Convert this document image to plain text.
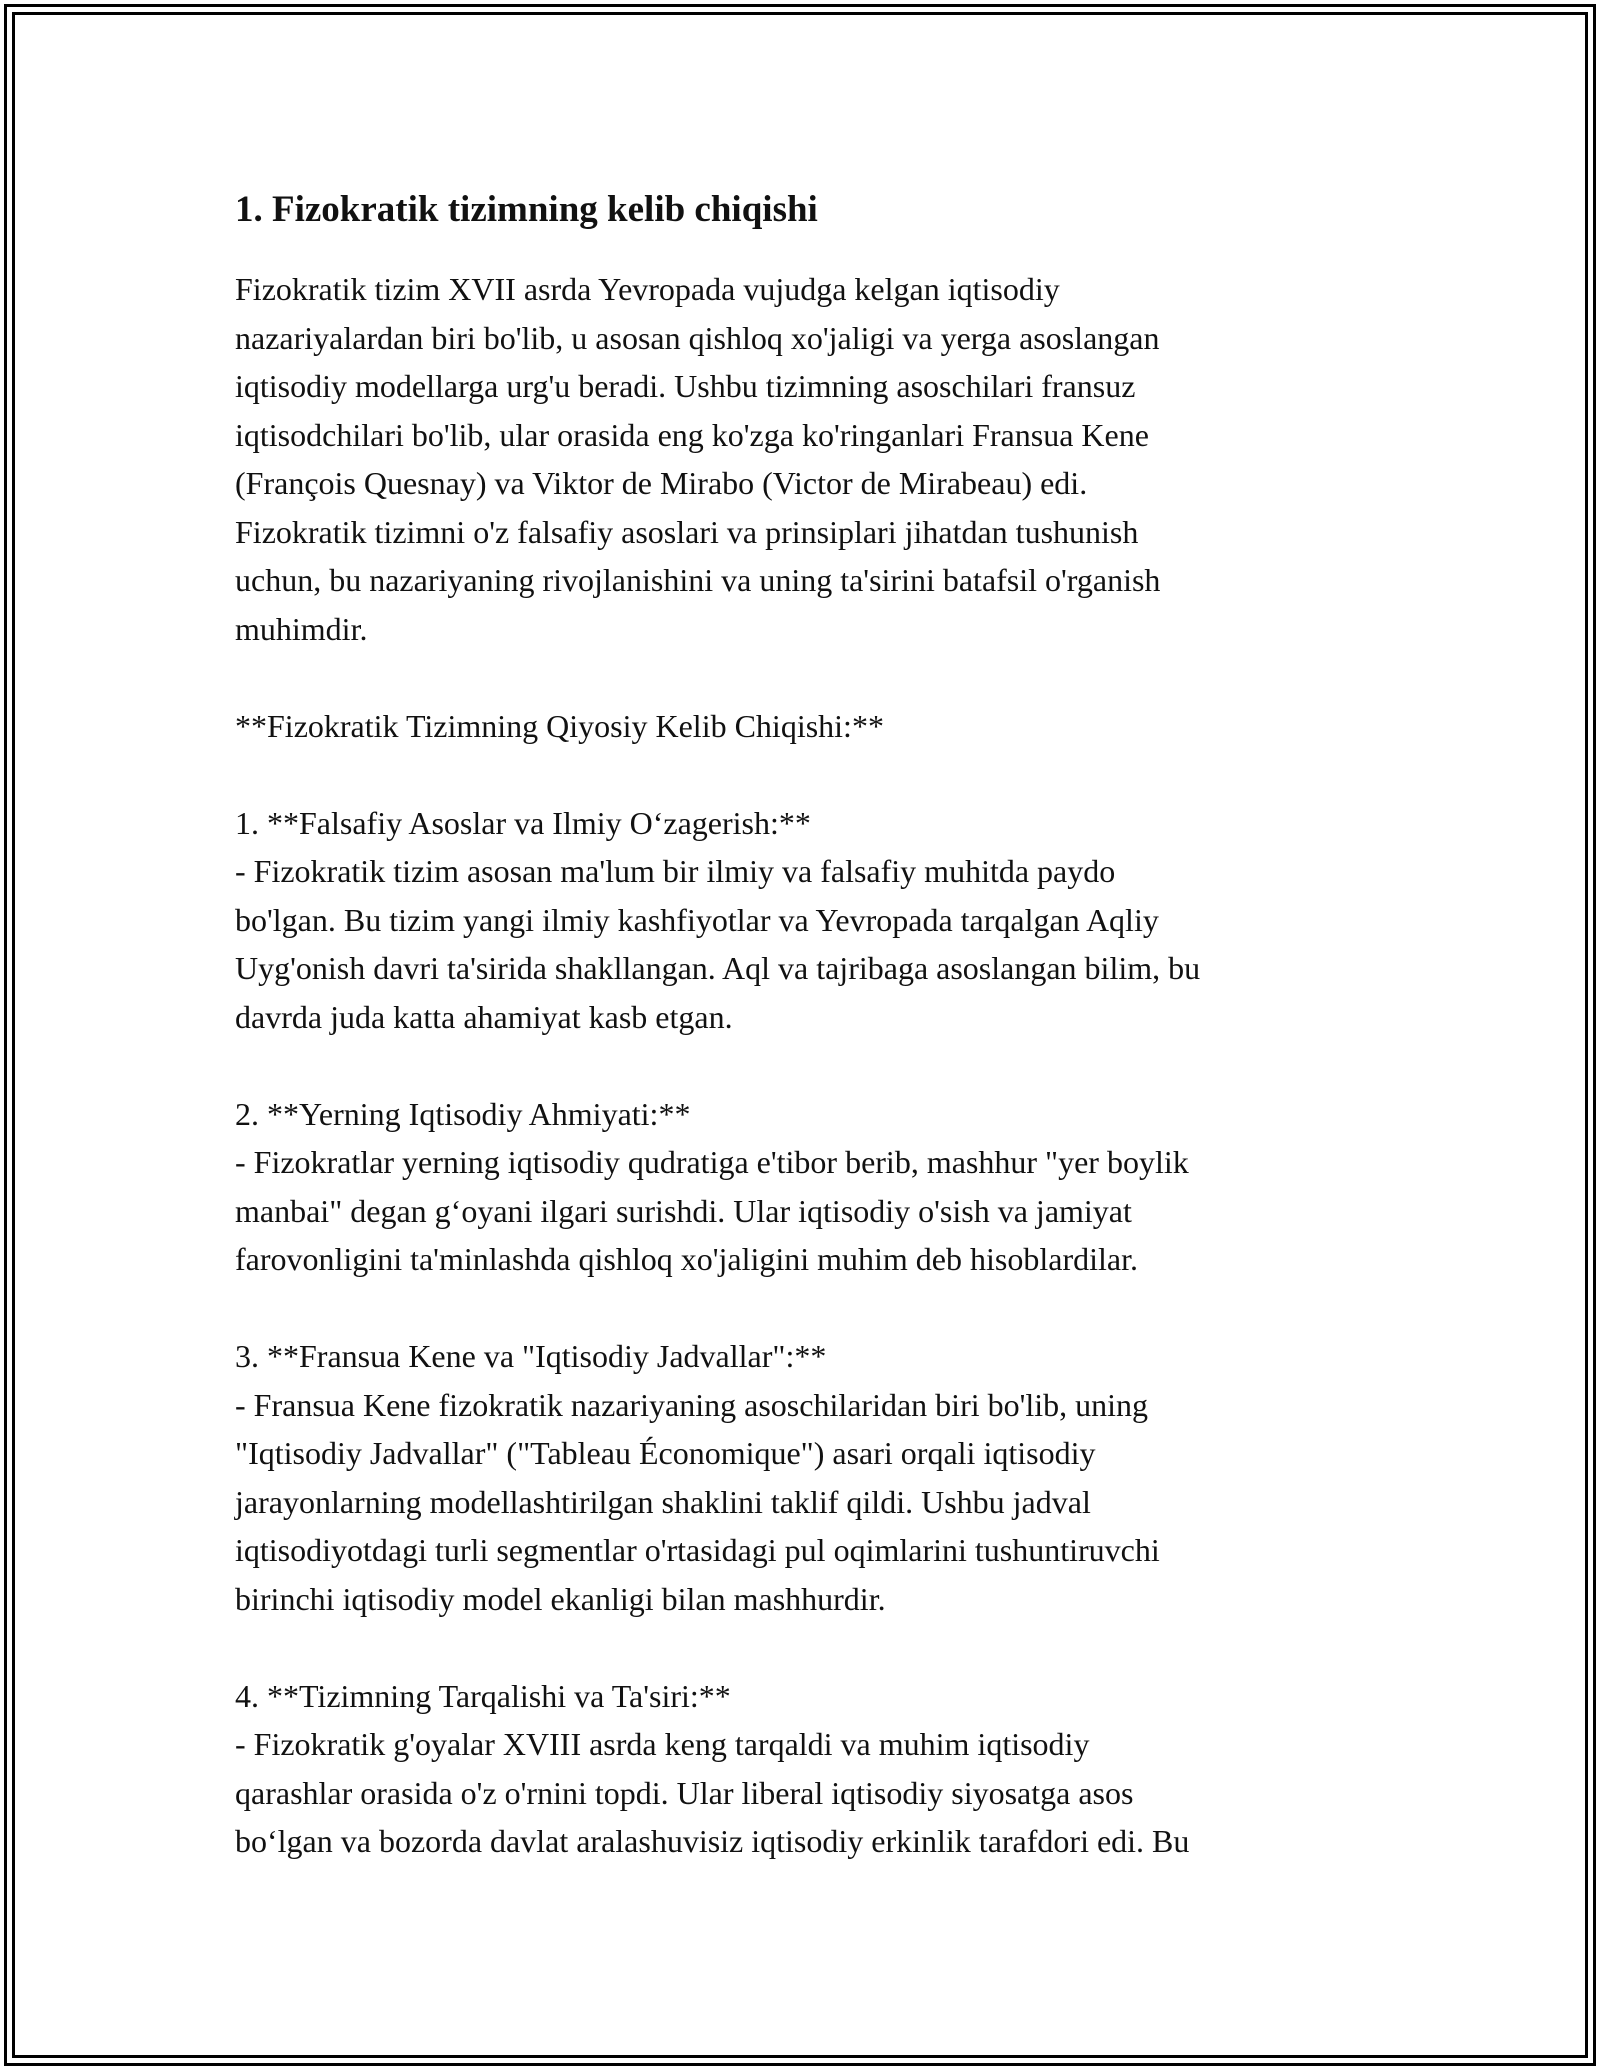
1. Fizokratik tizimning kelib chiqishi

Fizokratik tizim XVII asrda Yevropada vujudga kelgan iqtisodiy
nazariyalardan biri bo'lib, u asosan qishloq xo'jaligi va yerga asoslangan
iqtisodiy modellarga urg'u beradi. Ushbu tizimning asoschilari fransuz
iqtisodchilari bo'lib, ular orasida eng ko'zga ko'ringanlari Fransua Kene
(François Quesnay) va Viktor de Mirabo (Victor de Mirabeau) edi.
Fizokratik tizimni o'z falsafiy asoslari va prinsiplari jihatdan tushunish
uchun, bu nazariyaning rivojlanishini va uning ta'sirini batafsil o'rganish
muhimdir.

**Fizokratik Tizimning Qiyosiy Kelib Chiqishi:**

1. **Falsafiy Asoslar va Ilmiy O‘zagerish:**

- Fizokratik tizim asosan ma'lum bir ilmiy va falsafiy muhitda paydo
bo'lgan. Bu tizim yangi ilmiy kashfiyotlar va Yevropada tarqalgan Aqliy
Uyg'onish davri ta'sirida shakllangan. Aql va tajribaga asoslangan bilim, bu
davrda juda katta ahamiyat kasb etgan.

2. **Yerning Iqtisodiy Ahmiyati:**

- Fizokratlar yerning iqtisodiy qudratiga e'tibor berib, mashhur "yer boylik
manbai" degan g‘oyani ilgari surishdi. Ular iqtisodiy o'sish va jamiyat
farovonligini ta'minlashda qishloq xo'jaligini muhim deb hisoblardilar.

3. **Fransua Kene va "Iqtisodiy Jadvallar":**

- Fransua Kene fizokratik nazariyaning asoschilaridan biri bo'lib, uning
"Iqtisodiy Jadvallar" ("Tableau Économique") asari orqali iqtisodiy
jarayonlarning modellashtirilgan shaklini taklif qildi. Ushbu jadval
iqtisodiyotdagi turli segmentlar o'rtasidagi pul oqimlarini tushuntiruvchi
birinchi iqtisodiy model ekanligi bilan mashhurdir.

4. **Tizimning Tarqalishi va Ta'siri:**

- Fizokratik g'oyalar XVIII asrda keng tarqaldi va muhim iqtisodiy
qarashlar orasida o'z o'rnini topdi. Ular liberal iqtisodiy siyosatga asos
bo‘lgan va bozorda davlat aralashuvisiz iqtisodiy erkinlik tarafdori edi. Bu
